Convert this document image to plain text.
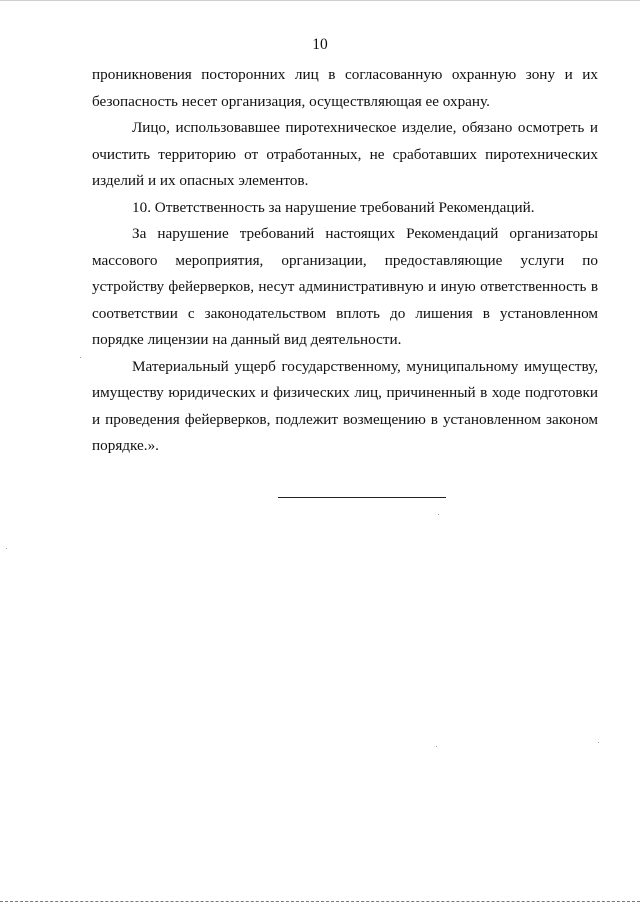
10

проникновения посторонних лиц в согласованную охранную зону и их безопасность несет организация, осуществляющая ее охрану.

Лицо, использовавшее пиротехническое изделие, обязано осмотреть и очистить территорию от отработанных, не сработавших пиротехнических изделий и их опасных элементов.

10. Ответственность за нарушение требований Рекомендаций.

За нарушение требований настоящих Рекомендаций организаторы массового мероприятия, организации, предоставляющие услуги по устройству фейерверков, несут административную и иную ответственность в соответствии с законодательством вплоть до лишения в установленном порядке лицензии на данный вид деятельности.

Материальный ущерб государственному, муниципальному имуществу, имуществу юридических и физических лиц, причиненный в ходе подготовки и проведения фейерверков, подлежит возмещению в установленном законом порядке.».
